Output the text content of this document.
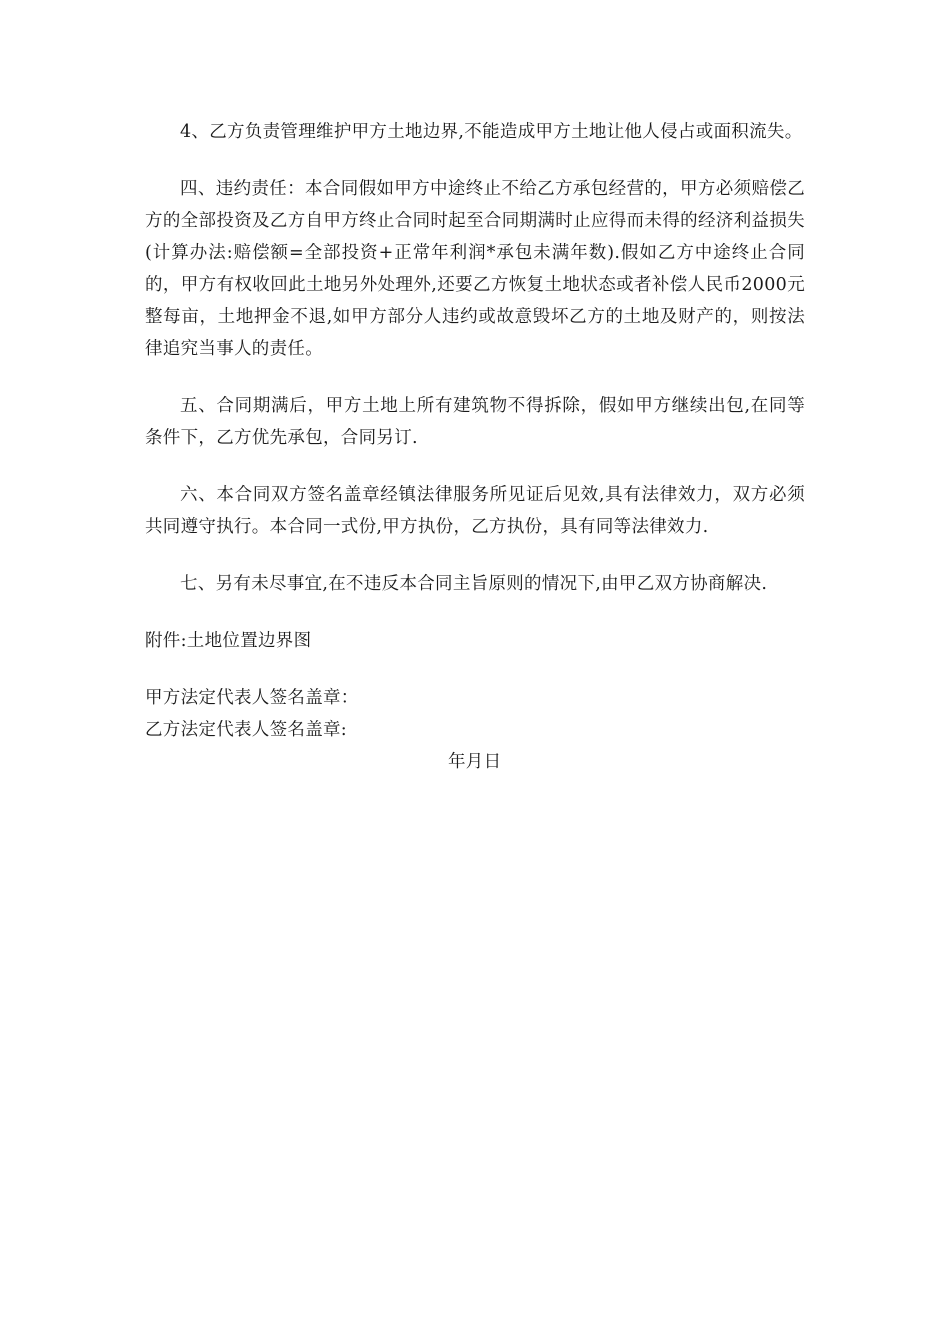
4、乙方负责管理维护甲方土地边界,不能造成甲方土地让他人侵占或面积流失。

四、违约责任：本合同假如甲方中途终止不给乙方承包经营的，甲方必须赔偿乙方的全部投资及乙方自甲方终止合同时起至合同期满时止应得而未得的经济利益损失(计算办法:赔偿额=全部投资+正常年利润*承包未满年数).假如乙方中途终止合同的，甲方有权收回此土地另外处理外,还要乙方恢复土地状态或者补偿人民币2000元整每亩，土地押金不退,如甲方部分人违约或故意毁坏乙方的土地及财产的，则按法律追究当事人的责任。

五、合同期满后，甲方土地上所有建筑物不得拆除，假如甲方继续出包,在同等条件下，乙方优先承包，合同另订.

六、本合同双方签名盖章经镇法律服务所见证后见效,具有法律效力，双方必须共同遵守执行。本合同一式份,甲方执份，乙方执份，具有同等法律效力.

七、另有未尽事宜,在不违反本合同主旨原则的情况下,由甲乙双方协商解决.

附件:土地位置边界图

甲方法定代表人签名盖章：

乙方法定代表人签名盖章:

年月日
